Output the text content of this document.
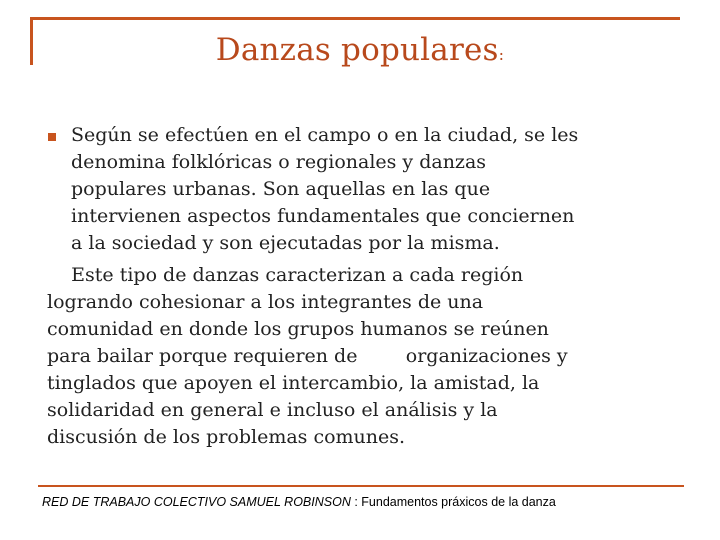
Danzas populares:

Según se efectúen en el campo o en la ciudad, se les
denomina folklóricas o regionales y danzas
populares urbanas. Son aquellas en las que
intervienen aspectos fundamentales que conciernen
a la sociedad y son ejecutadas por la misma.

Este tipo de danzas caracterizan a cada región
logrando cohesionar a los integrantes de una
comunidad en donde los grupos humanos se reúnen
para bailar porque requieren de        organizaciones y
tinglados que apoyen el intercambio, la amistad, la
solidaridad en general e incluso el análisis y la
discusión de los problemas comunes.

RED DE TRABAJO COLECTIVO SAMUEL ROBINSON : Fundamentos práxicos de la danza
